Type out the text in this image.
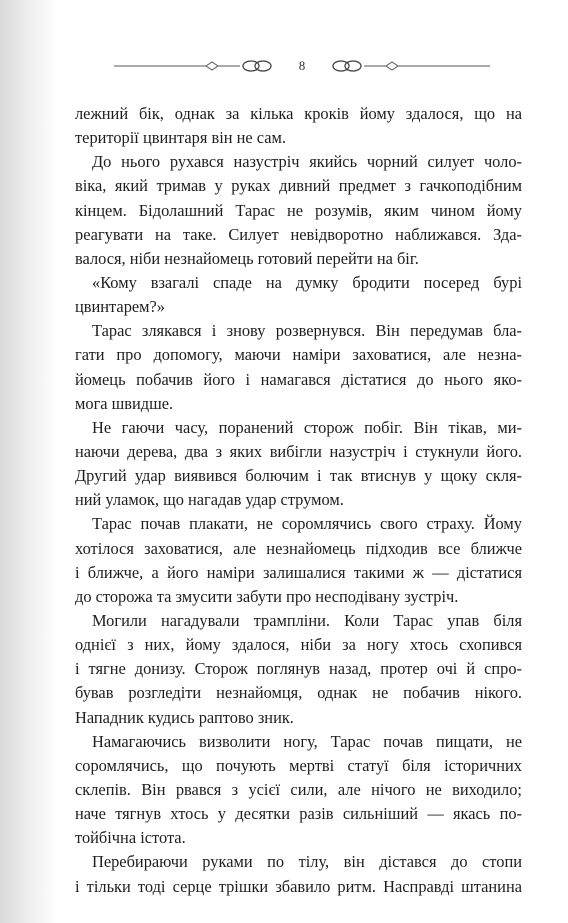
8
лежний бік, однак за кілька кроків йому здалося, що на
території цвинтаря він не сам.
До нього рухався назустріч якийсь чорний силует чоло-
віка, який тримав у руках дивний предмет з гачкоподібним
кінцем. Бідолашний Тарас не розумів, яким чином йому
реагувати на таке. Силует невідворотно наближався. Зда-
валося, ніби незнайомець готовий перейти на біг.
«Кому взагалі спаде на думку бродити посеред бурі
цвинтарем?»
Тарас злякався і знову розвернувся. Він передумав бла-
гати про допомогу, маючи наміри заховатися, але незна-
йомець побачив його і намагався дістатися до нього яко-
мога швидше.
Не гаючи часу, поранений сторож побіг. Він тікав, ми-
наючи дерева, два з яких вибігли назустріч і стукнули його.
Другий удар виявився болючим і так втиснув у щоку скля-
ний уламок, що нагадав удар струмом.
Тарас почав плакати, не соромлячись свого страху. Йому
хотілося заховатися, але незнайомець підходив все ближче
і ближче, а його наміри залишалися такими ж — дістатися
до сторожа та змусити забути про несподівану зустріч.
Могили нагадували трампліни. Коли Тарас упав біля
однієї з них, йому здалося, ніби за ногу хтось схопився
і тягне донизу. Сторож поглянув назад, протер очі й спро-
бував розгледіти незнайомця, однак не побачив нікого.
Нападник кудись раптово зник.
Намагаючись визволити ногу, Тарас почав пищати, не
соромлячись, що почують мертві статуї біля історичних
склепів. Він рвався з усієї сили, але нічого не виходило;
наче тягнув хтось у десятки разів сильніший — якась по-
тойбічна істота.
Перебираючи руками по тілу, він дістався до стопи
і тільки тоді серце трішки збавило ритм. Насправді штанина
